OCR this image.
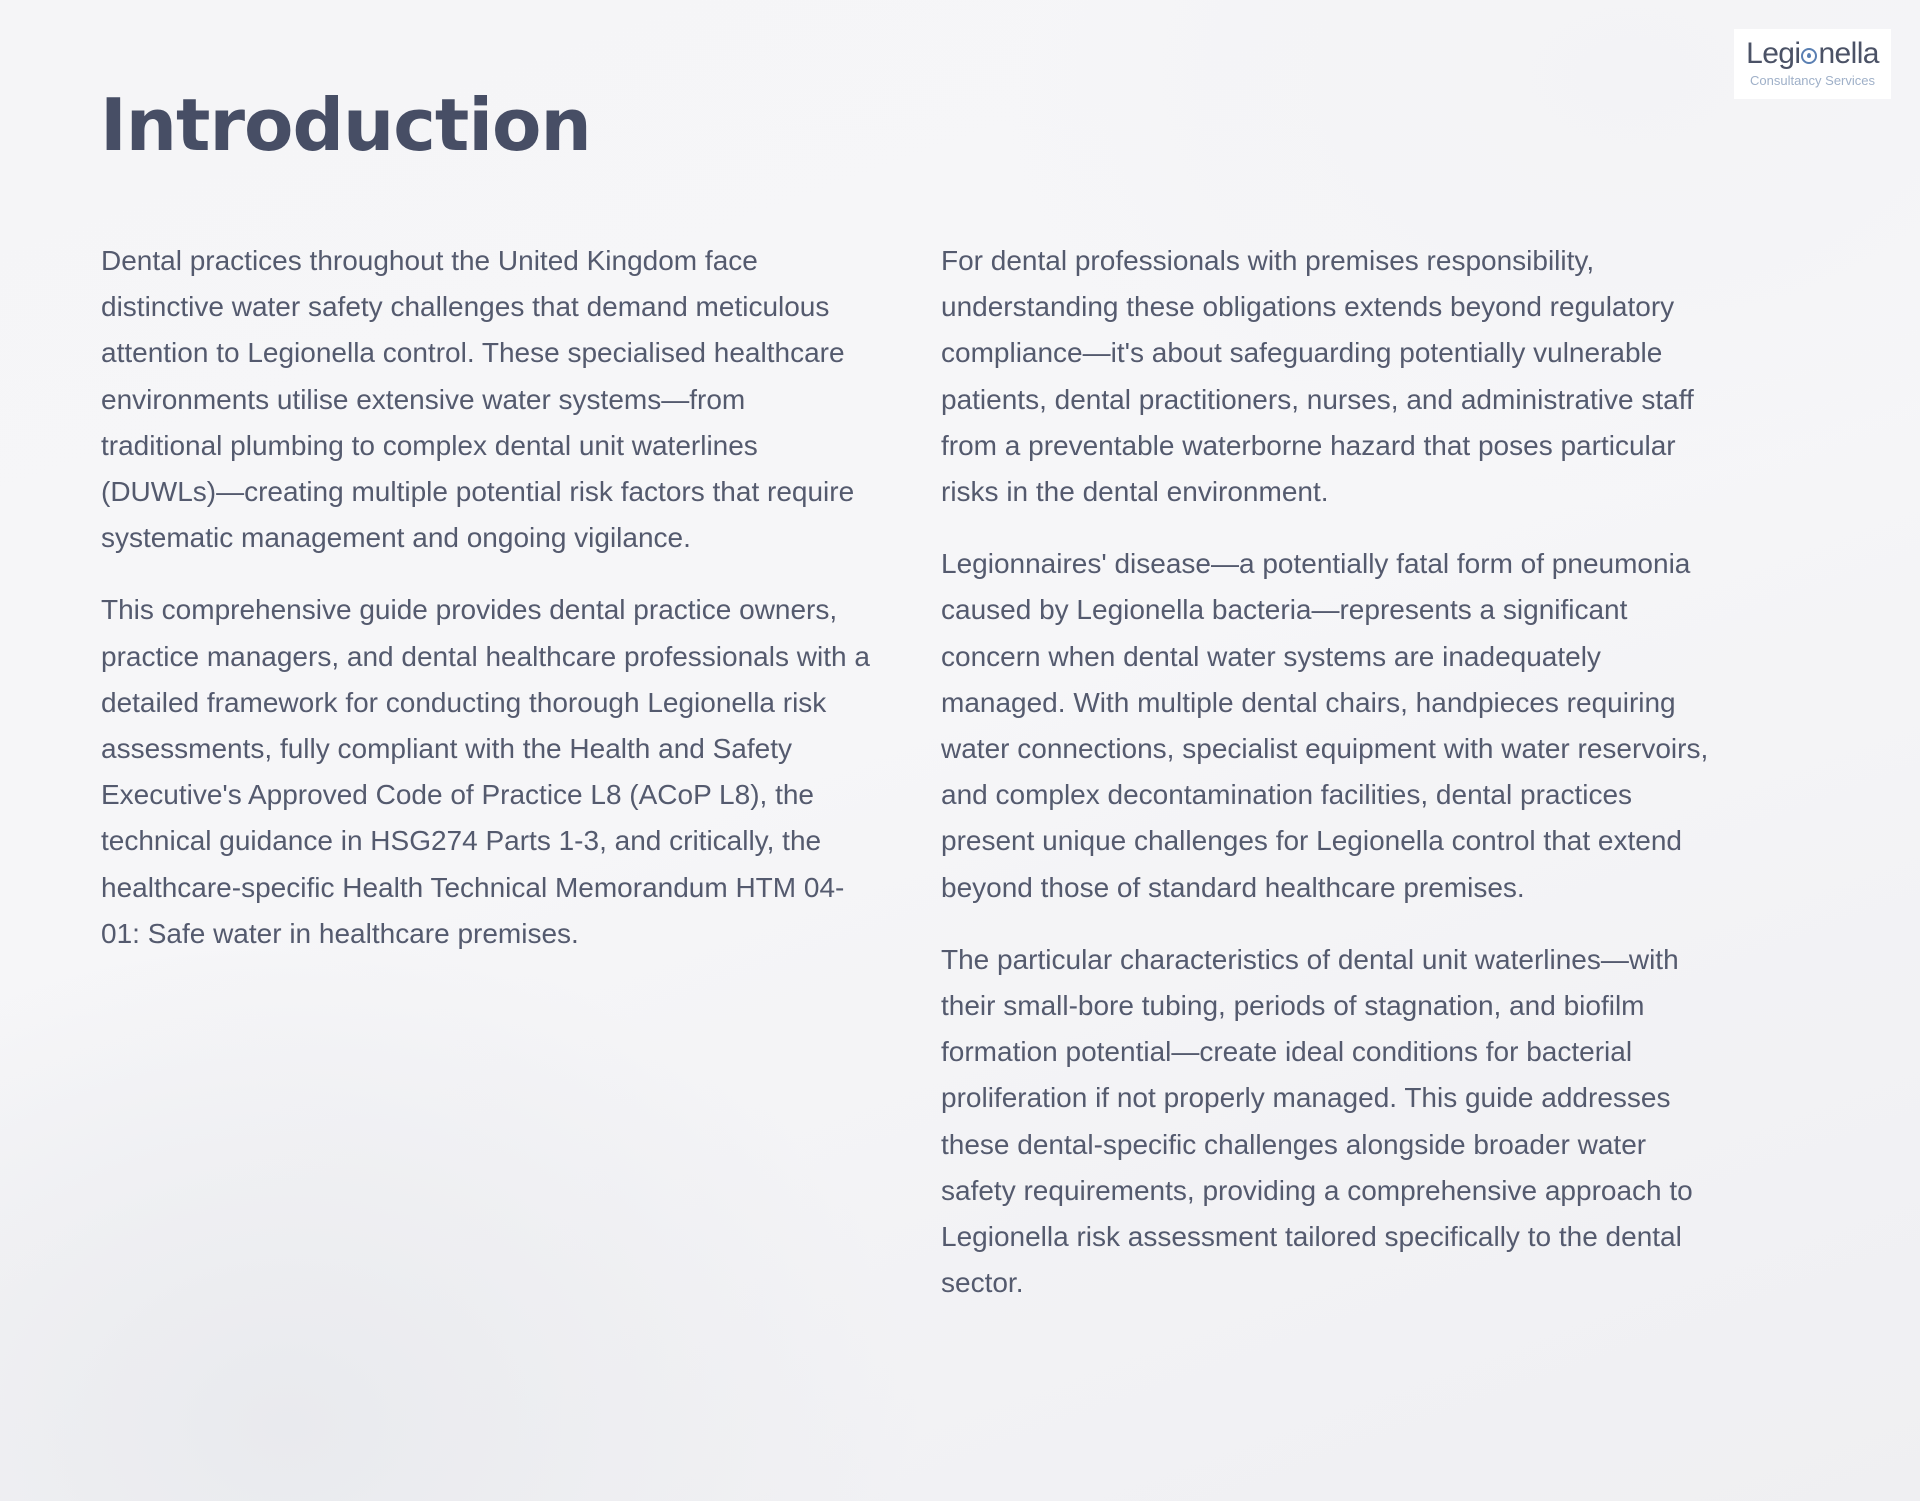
Legi nella
Consultancy Services
Introduction

Dental practices throughout the United Kingdom face distinctive water safety challenges that demand meticulous attention to Legionella control. These specialised healthcare environments utilise extensive water systems—from traditional plumbing to complex dental unit waterlines (DUWLs)—creating multiple potential risk factors that require systematic management and ongoing vigilance.

This comprehensive guide provides dental practice owners, practice managers, and dental healthcare professionals with a detailed framework for conducting thorough Legionella risk assessments, fully compliant with the Health and Safety Executive's Approved Code of Practice L8 (ACoP L8), the technical guidance in HSG274 Parts 1-3, and critically, the healthcare-specific Health Technical Memorandum HTM 04-01: Safe water in healthcare premises.

For dental professionals with premises responsibility, understanding these obligations extends beyond regulatory compliance—it's about safeguarding potentially vulnerable patients, dental practitioners, nurses, and administrative staff from a preventable waterborne hazard that poses particular risks in the dental environment.

Legionnaires' disease—a potentially fatal form of pneumonia caused by Legionella bacteria—represents a significant concern when dental water systems are inadequately managed. With multiple dental chairs, handpieces requiring water connections, specialist equipment with water reservoirs, and complex decontamination facilities, dental practices present unique challenges for Legionella control that extend beyond those of standard healthcare premises.

The particular characteristics of dental unit waterlines—with their small-bore tubing, periods of stagnation, and biofilm formation potential—create ideal conditions for bacterial proliferation if not properly managed. This guide addresses these dental-specific challenges alongside broader water safety requirements, providing a comprehensive approach to Legionella risk assessment tailored specifically to the dental sector.
